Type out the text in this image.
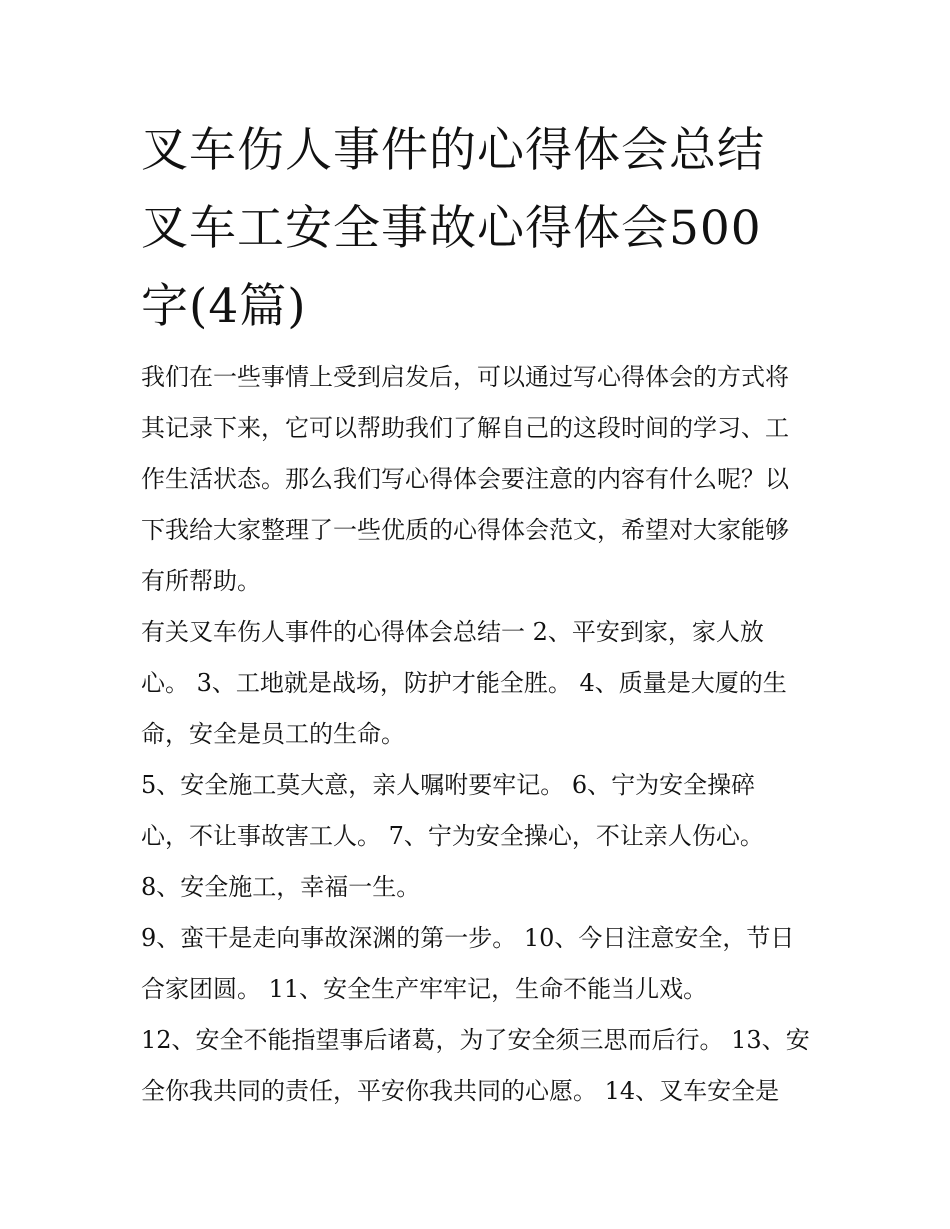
叉车伤人事件的心得体会总结
叉车工安全事故心得体会500
字(4篇)

我们在一些事情上受到启发后，可以通过写心得体会的方式将
其记录下来，它可以帮助我们了解自己的这段时间的学习、工
作生活状态。那么我们写心得体会要注意的内容有什么呢？以
下我给大家整理了一些优质的心得体会范文，希望对大家能够
有所帮助。

有关叉车伤人事件的心得体会总结一 2、平安到家，家人放
心。 3、工地就是战场，防护才能全胜。 4、质量是大厦的生
命，安全是员工的生命。

5、安全施工莫大意，亲人嘱咐要牢记。 6、宁为安全操碎
心，不让事故害工人。 7、宁为安全操心，不让亲人伤心。

8、安全施工，幸福一生。

9、蛮干是走向事故深渊的第一步。 10、今日注意安全，节日
合家团圆。 11、安全生产牢牢记，生命不能当儿戏。

12、安全不能指望事后诸葛，为了安全须三思而后行。 13、安
全你我共同的责任，平安你我共同的心愿。 14、叉车安全是
